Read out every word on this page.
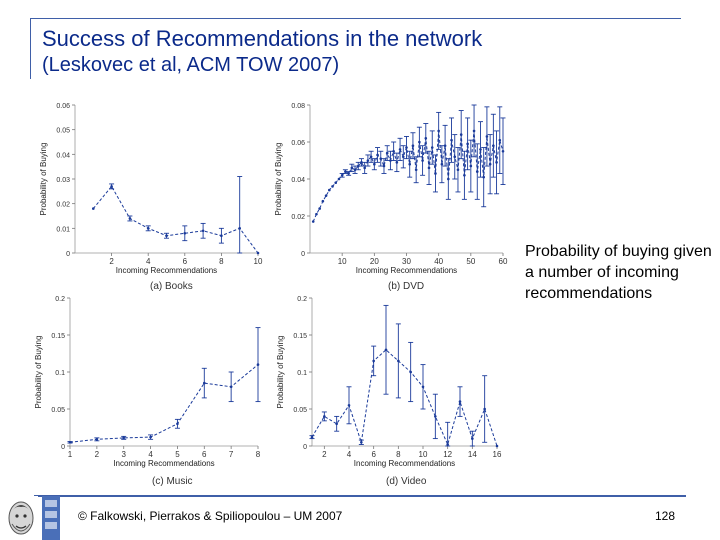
Success of Recommendations in the network
(Leskovec et al, ACM TOW 2007)
0
0.01
0.02
0.03
0.04
0.05
0.06
2	4	6	8	10
Incoming Recommendations
Probability of Buying
(a) Books
0
0.02
0.04
0.06
0.08
10	20	30	40	50	60
Incoming Recommendations
Probability of Buying
(b) DVD
0
0.05
0.1
0.15
0.2
1	2	3	4	5	6	7	8
Incoming Recommendations
Probability of Buying
(c) Music
0
0.05
0.1
0.15
0.2
2	4	6	8 10 12 14 16
Incoming Recommendations
Probability of Buying
(d) Video
Probability of buying given a number of incoming recommendations
© Falkowski, Pierrakos & Spiliopoulou – UM 2007	128
